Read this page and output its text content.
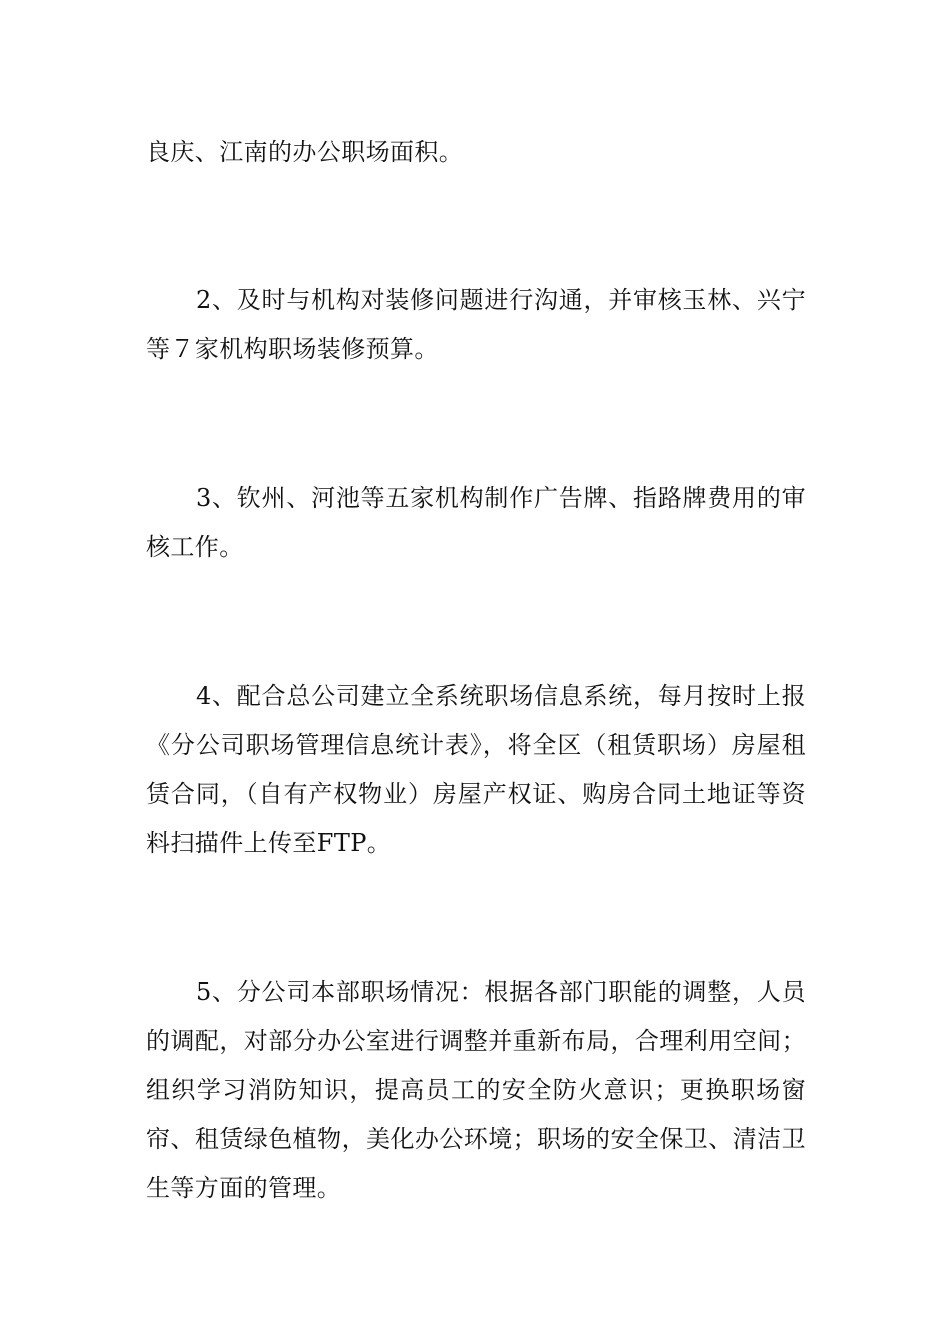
良庆、江南的办公职场面积。

2、及时与机构对装修问题进行沟通，并审核玉林、兴宁等７家机构职场装修预算。

3、钦州、河池等五家机构制作广告牌、指路牌费用的审核工作。

4、配合总公司建立全系统职场信息系统，每月按时上报《分公司职场管理信息统计表》，将全区（租赁职场）房屋租赁合同，（自有产权物业）房屋产权证、购房合同土地证等资料扫描件上传至FTP。

5、分公司本部职场情况：根据各部门职能的调整，人员的调配，对部分办公室进行调整并重新布局，合理利用空间；组织学习消防知识，提高员工的安全防火意识；更换职场窗帘、租赁绿色植物，美化办公环境；职场的安全保卫、清洁卫生等方面的管理。
